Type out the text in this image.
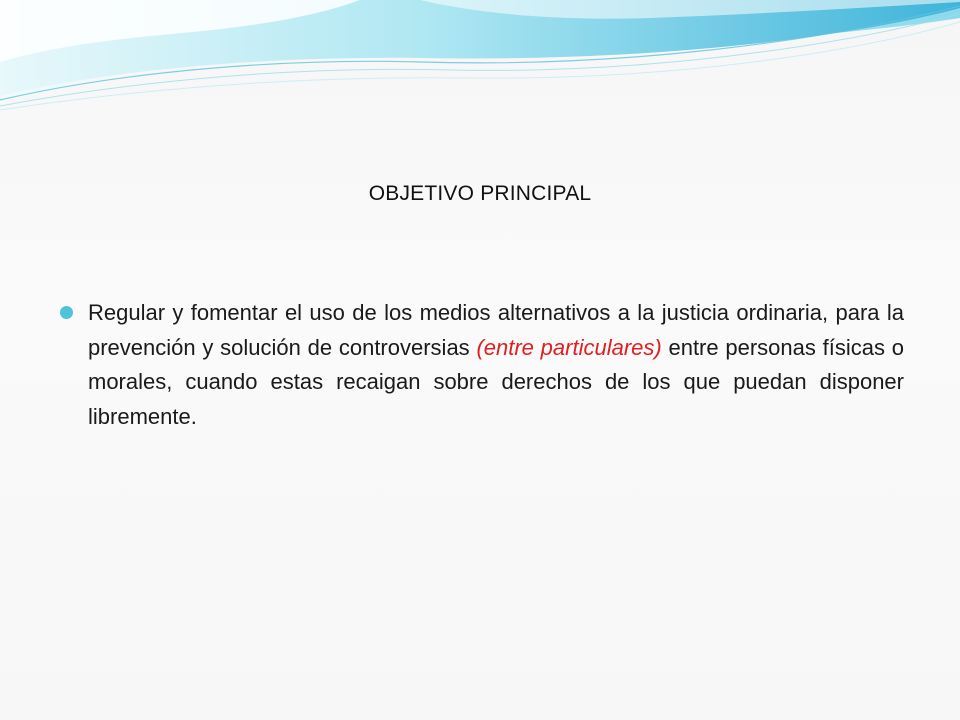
OBJETIVO PRINCIPAL
Regular y fomentar el uso de los medios alternativos a la justicia ordinaria, para la prevención y solución de controversias (entre particulares) entre personas físicas o morales, cuando estas recaigan sobre derechos de los que puedan disponer libremente.
